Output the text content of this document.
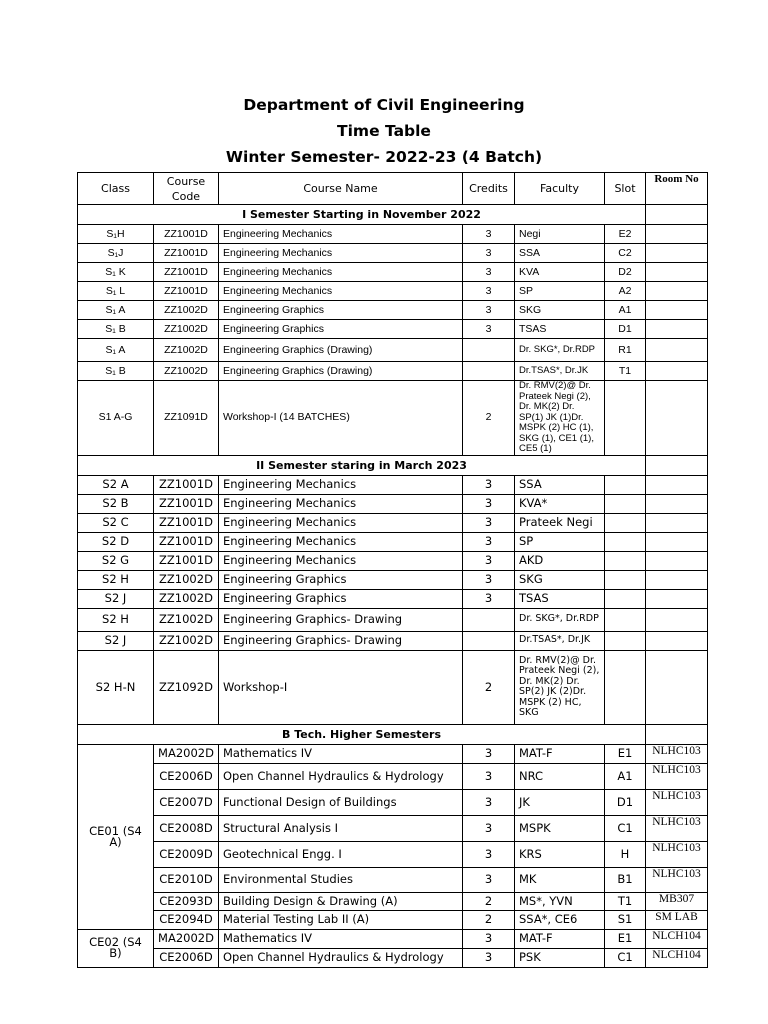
Department of Civil Engineering
Time Table
Winter Semester- 2022-23 (4 Batch)
Class	Course Code	Course Name	Credits	Faculty	Slot	Room No
I Semester Starting in November 2022						
S₁H	ZZ1001D	Engineering Mechanics	3	Negi	E2	
S₁J	ZZ1001D	Engineering Mechanics	3	SSA	C2	
S₁ K	ZZ1001D	Engineering Mechanics	3	KVA	D2	
S₁ L	ZZ1001D	Engineering Mechanics	3	SP	A2	
S₁ A	ZZ1002D	Engineering Graphics	3	SKG	A1	
S₁ B	ZZ1002D	Engineering Graphics	3	TSAS	D1	
S₁ A	ZZ1002D	Engineering Graphics (Drawing)		Dr. SKG*, Dr.RDP	R1	
S₁ B	ZZ1002D	Engineering Graphics (Drawing)		Dr.TSAS*, Dr.JK	T1	
S1 A-G	ZZ1091D	Workshop-I (14 BATCHES)	2	Dr. RMV(2)@ Dr. Prateek Negi (2), Dr. MK(2) Dr. SP(1) JK (1)Dr. MSPK (2) HC (1), SKG (1), CE1 (1), CE5 (1)		
II Semester staring in March 2023						
S2 A	ZZ1001D	Engineering Mechanics	3	SSA		
S2 B	ZZ1001D	Engineering Mechanics	3	KVA*		
S2 C	ZZ1001D	Engineering Mechanics	3	Prateek Negi		
S2 D	ZZ1001D	Engineering Mechanics	3	SP		
S2 G	ZZ1001D	Engineering Mechanics	3	AKD		
S2 H	ZZ1002D	Engineering Graphics	3	SKG		
S2 J	ZZ1002D	Engineering Graphics	3	TSAS		
S2 H	ZZ1002D	Engineering Graphics- Drawing		Dr. SKG*, Dr.RDP		
S2 J	ZZ1002D	Engineering Graphics- Drawing		Dr.TSAS*, Dr.JK		
S2 H-N	ZZ1092D	Workshop-I	2	Dr. RMV(2)@ Dr. Prateek Negi (2), Dr. MK(2) Dr. SP(2) JK (2)Dr. MSPK (2) HC, SKG		
B Tech. Higher Semesters						
CE01 (S4 A)	MA2002D	Mathematics IV	3	MAT-F	E1	NLHC103
	CE2006D	Open Channel Hydraulics & Hydrology	3	NRC	A1	NLHC103
	CE2007D	Functional Design of Buildings	3	JK	D1	NLHC103
	CE2008D	Structural Analysis I	3	MSPK	C1	NLHC103
	CE2009D	Geotechnical Engg. I	3	KRS	H	NLHC103
	CE2010D	Environmental Studies	3	MK	B1	NLHC103
	CE2093D	Building Design & Drawing (A)	2	MS*, YVN	T1	MB307
	CE2094D	Material Testing Lab II (A)	2	SSA*, CE6	S1	SM LAB
CE02 (S4 B)	MA2002D	Mathematics IV	3	MAT-F	E1	NLCH104
	CE2006D	Open Channel Hydraulics & Hydrology	3	PSK	C1	NLCH104
